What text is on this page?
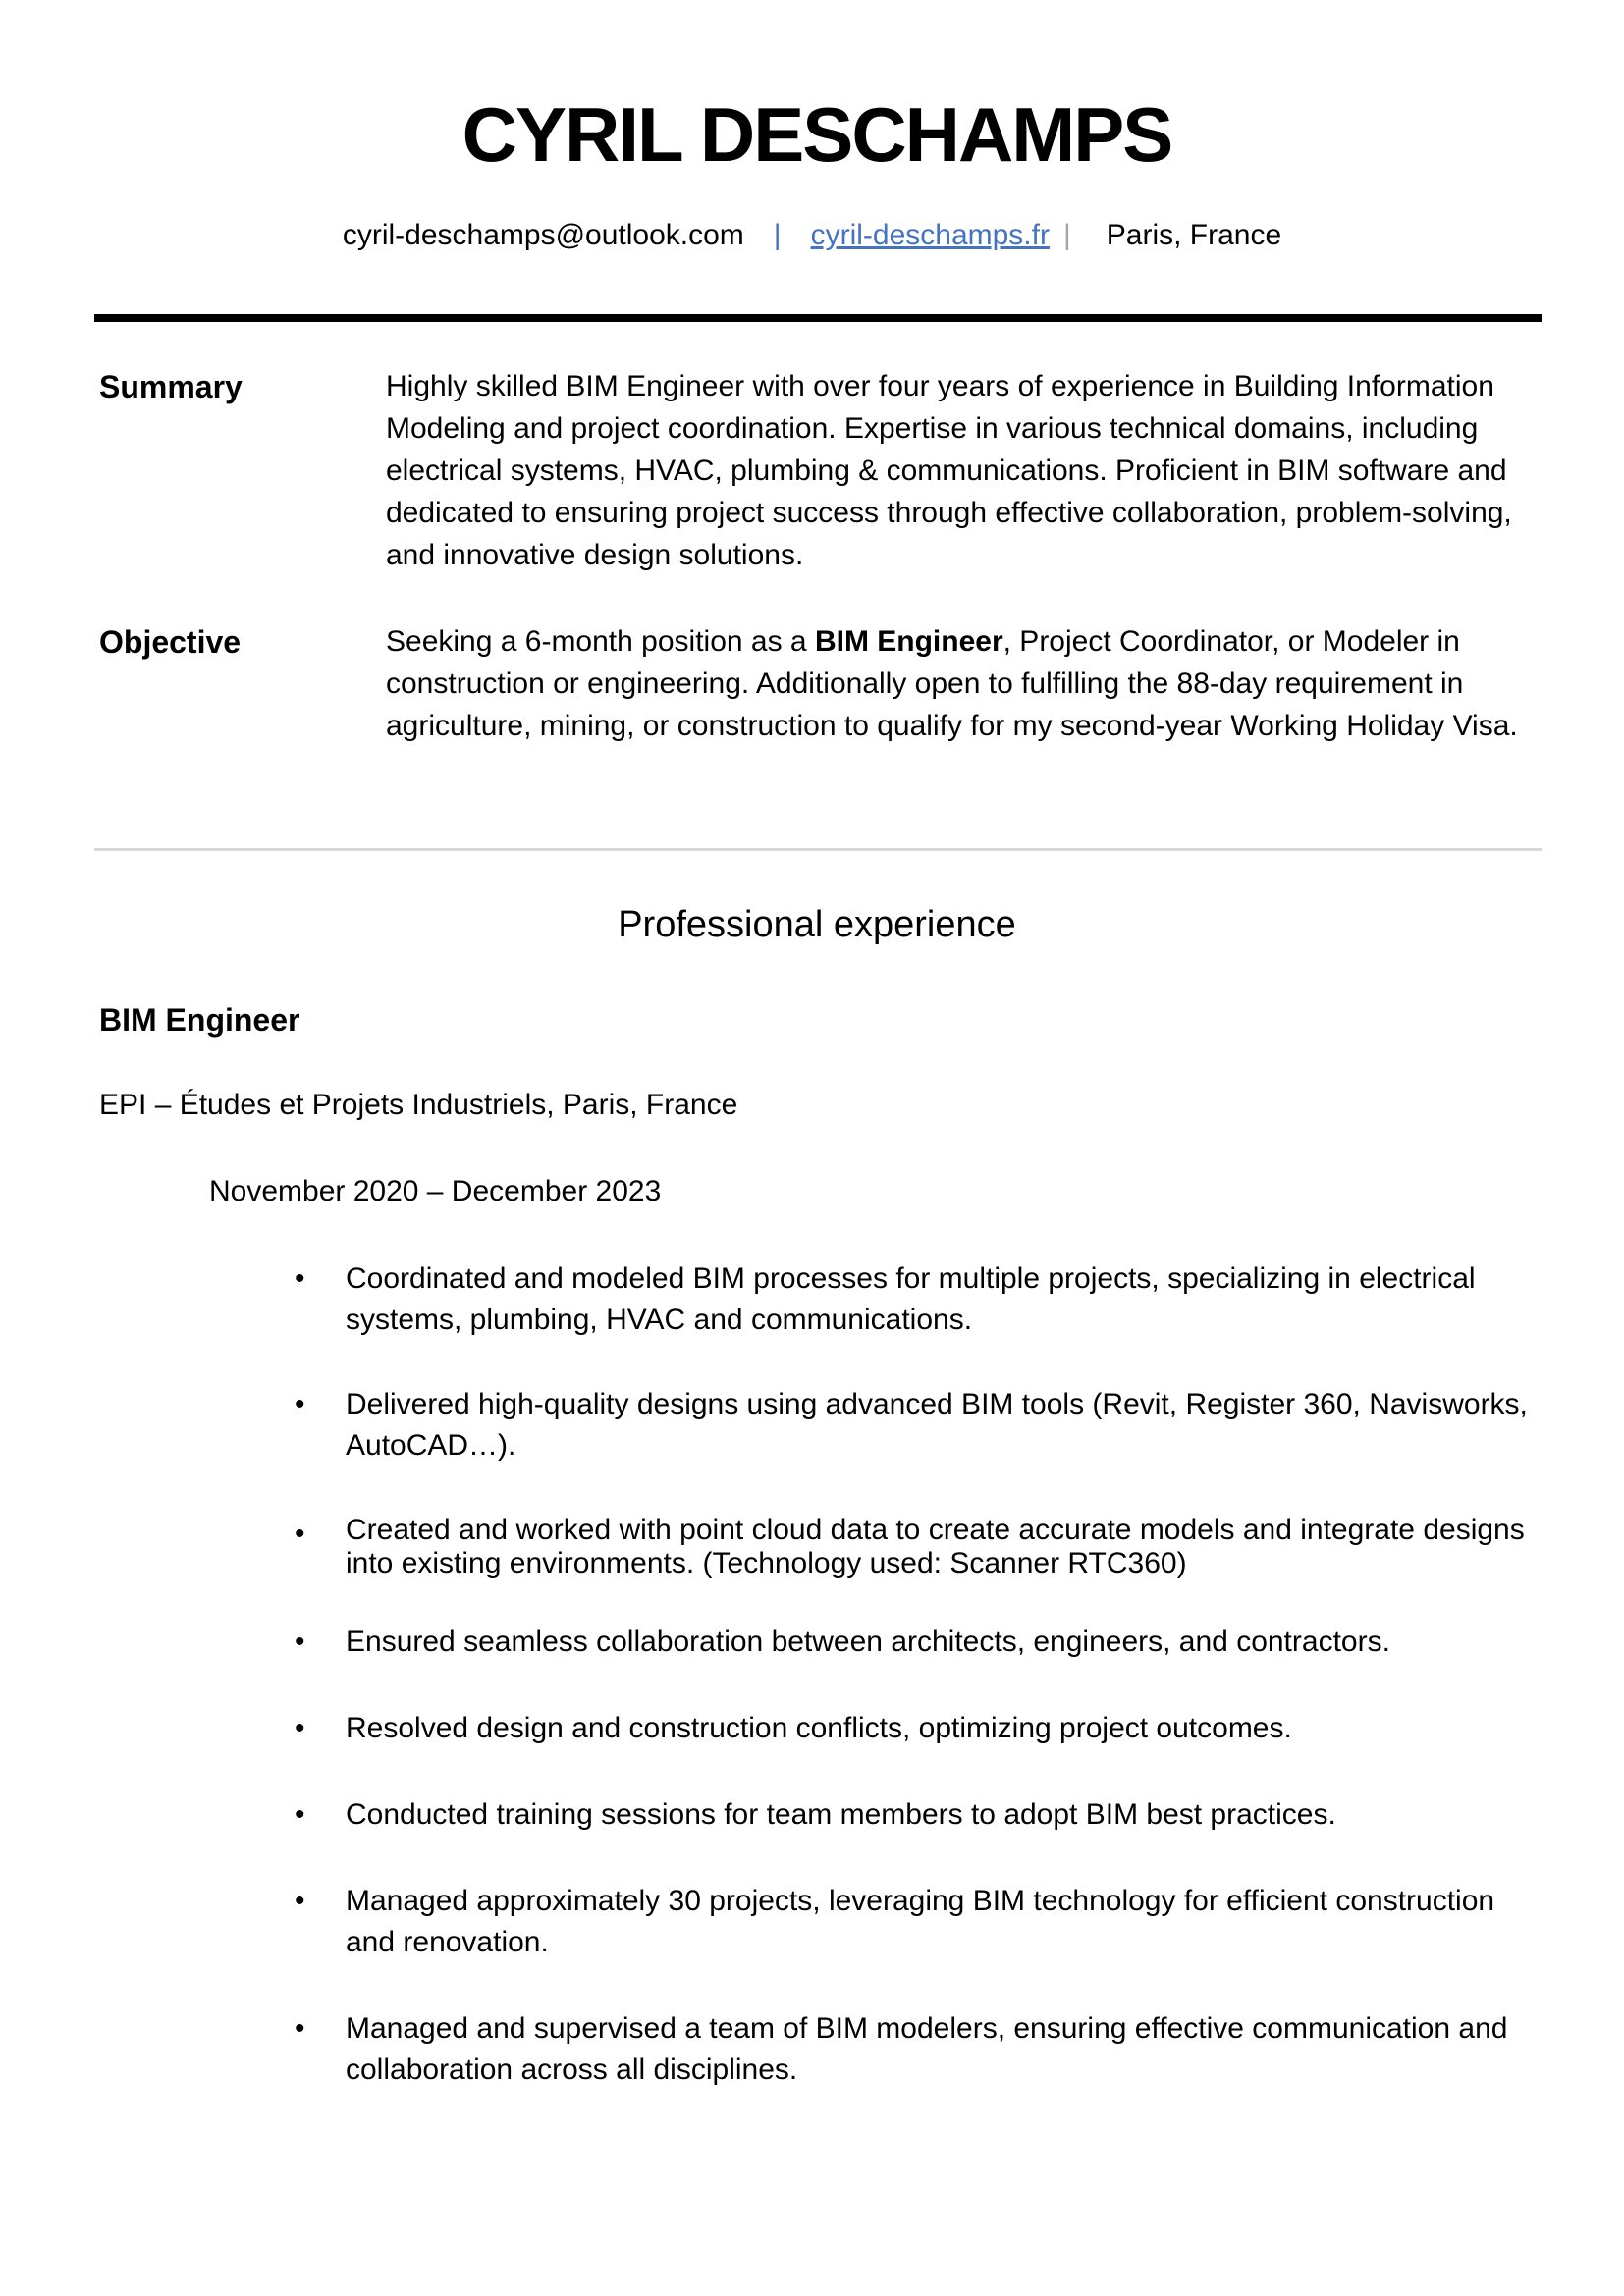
CYRIL DESCHAMPS
cyril-deschamps@outlook.com | cyril-deschamps.fr | Paris, France
Summary	Highly skilled BIM Engineer with over four years of experience in Building Information Modeling and project coordination. Expertise in various technical domains, including electrical systems, HVAC, plumbing & communications. Proficient in BIM software and dedicated to ensuring project success through effective collaboration, problem-solving, and innovative design solutions.

Objective	Seeking a 6-month position as a BIM Engineer, Project Coordinator, or Modeler in construction or engineering. Additionally open to fulfilling the 88-day requirement in agriculture, mining, or construction to qualify for my second-year Working Holiday Visa.

Professional experience
BIM Engineer
EPI – Études et Projets Industriels, Paris, France
November 2020 – December 2023
• Coordinated and modeled BIM processes for multiple projects, specializing in electrical systems, plumbing, HVAC and communications.
• Delivered high-quality designs using advanced BIM tools (Revit, Register 360, Navisworks, AutoCAD…).
• Created and worked with point cloud data to create accurate models and integrate designs into existing environments. (Technology used: Scanner RTC360)
• Ensured seamless collaboration between architects, engineers, and contractors.
• Resolved design and construction conflicts, optimizing project outcomes.
• Conducted training sessions for team members to adopt BIM best practices.
• Managed approximately 30 projects, leveraging BIM technology for efficient construction and renovation.
• Managed and supervised a team of BIM modelers, ensuring effective communication and collaboration across all disciplines.
